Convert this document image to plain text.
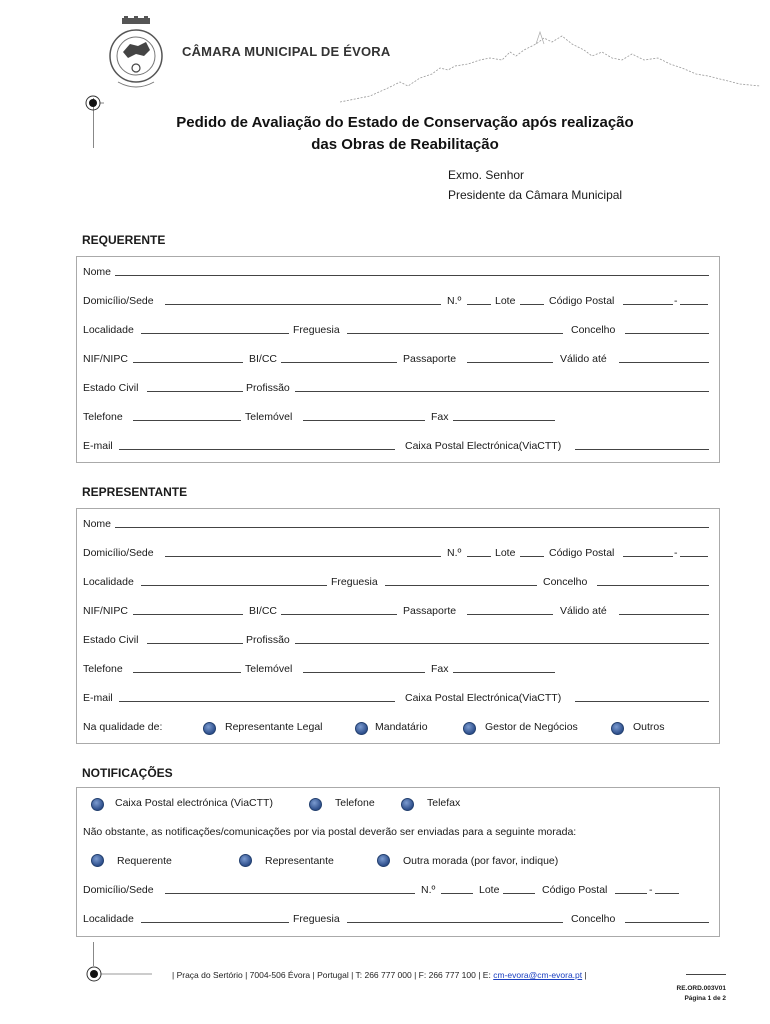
CÂMARA MUNICIPAL DE ÉVORA
Pedido de Avaliação do Estado de Conservação após realização
das Obras de Reabilitação
Exmo. Senhor
Presidente da Câmara Municipal
REQUERENTE
Nome
Domicílio/Sede	N.º	Lote	Código Postal	-
Localidade	Freguesia	Concelho
NIF/NIPC	BI/CC	Passaporte	Válido até
Estado Civil	Profissão
Telefone	Telemóvel	Fax
E-mail	Caixa Postal Electrónica(ViaCTT)
REPRESENTANTE
Nome
Domicílio/Sede	N.º	Lote	Código Postal	-
Localidade	Freguesia	Concelho
NIF/NIPC	BI/CC	Passaporte	Válido até
Estado Civil	Profissão
Telefone	Telemóvel	Fax
E-mail	Caixa Postal Electrónica(ViaCTT)
Na qualidade de:	Representante Legal	Mandatário	Gestor de Negócios	Outros
NOTIFICAÇÕES
Caixa Postal electrónica (ViaCTT)	Telefone	Telefax
Não obstante, as notificações/comunicações por via postal deverão ser enviadas para a seguinte morada:
Requerente	Representante	Outra morada (por favor, indique)
Domicílio/Sede	N.º	Lote	Código Postal	-
Localidade	Freguesia	Concelho
| Praça do Sertório | 7004-506 Évora | Portugal | T: 266 777 000 | F: 266 777 100 | E: cm-evora@cm-evora.pt |
RE.ORD.003V01
Página 1 de 2
